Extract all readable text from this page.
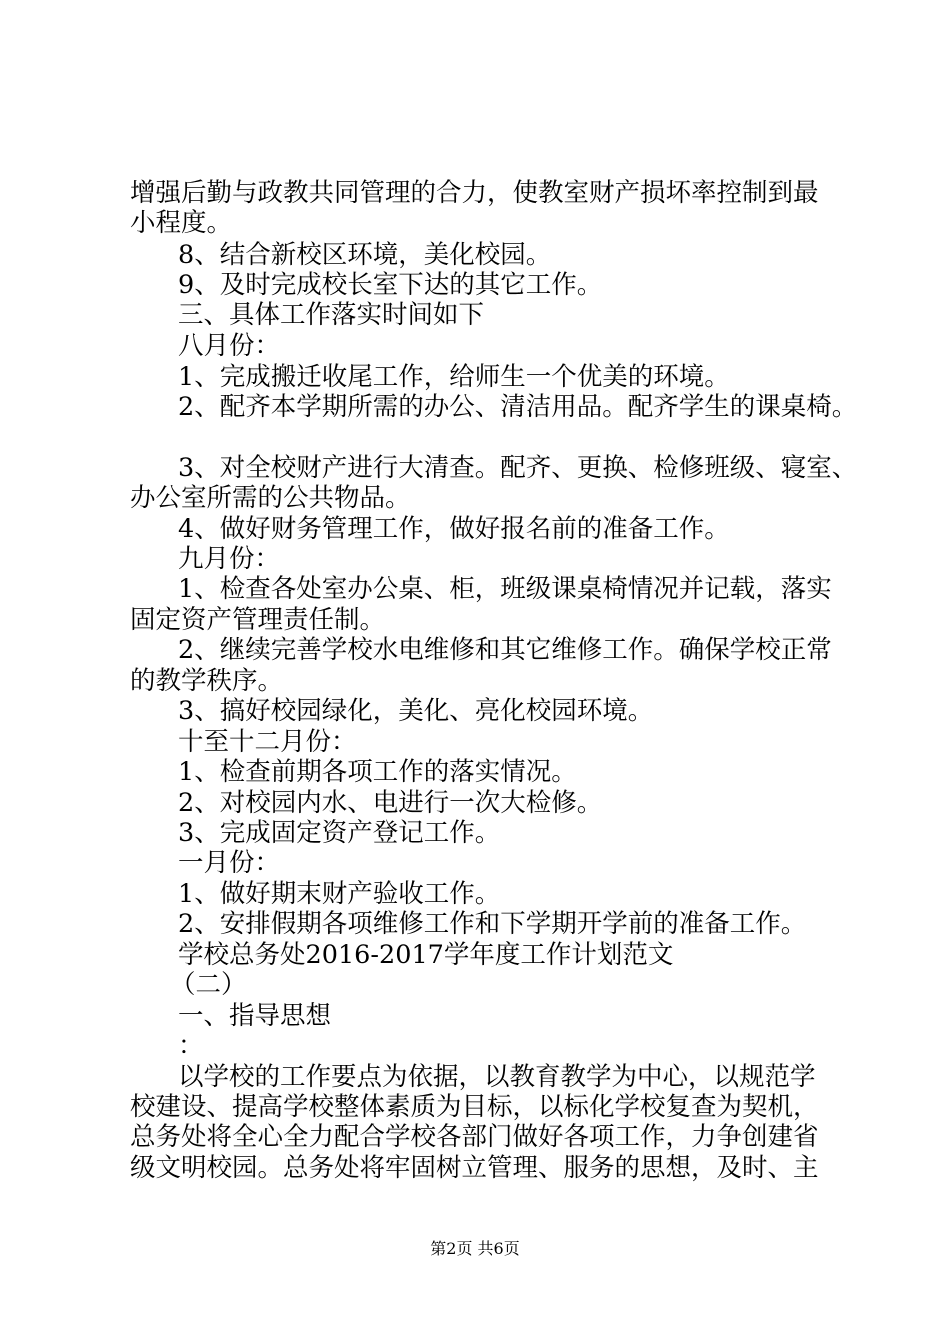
增强后勤与政教共同管理的合力，使教室财产损坏率控制到最
小程度。
8、结合新校区环境，美化校园。
9、及时完成校长室下达的其它工作。
三、具体工作落实时间如下
八月份：
1、完成搬迁收尾工作，给师生一个优美的环境。
2、配齐本学期所需的办公、清洁用品。配齐学生的课桌椅。
3、对全校财产进行大清查。配齐、更换、检修班级、寝室、
办公室所需的公共物品。
4、做好财务管理工作，做好报名前的准备工作。
九月份：
1、检查各处室办公桌、柜，班级课桌椅情况并记载，落实
固定资产管理责任制。
2、继续完善学校水电维修和其它维修工作。确保学校正常
的教学秩序。
3、搞好校园绿化，美化、亮化校园环境。
十至十二月份：
1、检查前期各项工作的落实情况。
2、对校园内水、电进行一次大检修。
3、完成固定资产登记工作。
一月份：
1、做好期末财产验收工作。
2、安排假期各项维修工作和下学期开学前的准备工作。
学校总务处2016-2017学年度工作计划范文
（二）
一、指导思想
：
以学校的工作要点为依据，以教育教学为中心，以规范学
校建设、提高学校整体素质为目标，以标化学校复查为契机，
总务处将全心全力配合学校各部门做好各项工作，力争创建省
级文明校园。总务处将牢固树立管理、服务的思想，及时、主
第2页 共6页
